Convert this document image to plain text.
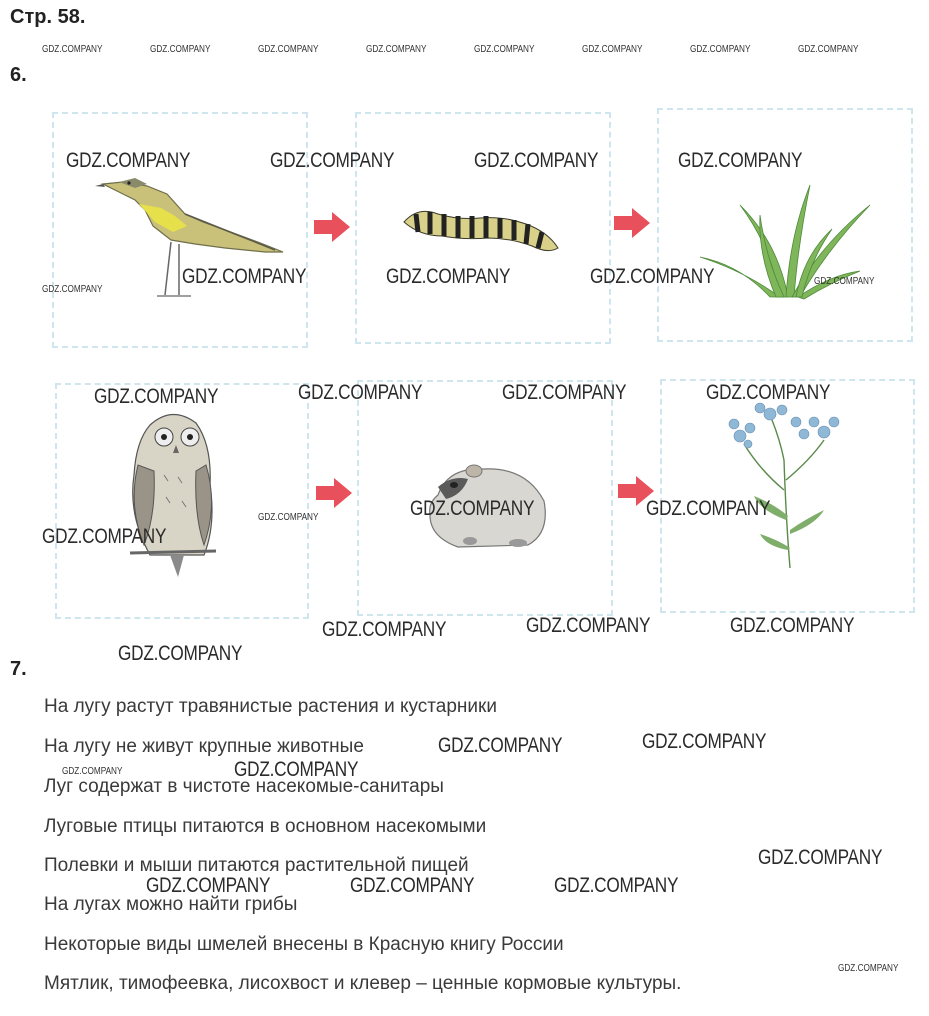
Стр. 58.
GDZ.COMPANY	GDZ.COMPANY	GDZ.COMPANY	GDZ.COMPANY	GDZ.COMPANY	GDZ.COMPANY	GDZ.COMPANY	GDZ.COMPANY
6.
GDZ.COMPANY	GDZ.COMPANY	GDZ.COMPANY	GDZ.COMPANY
GDZ.COMPANY	GDZ.COMPANY	GDZ.COMPANY
GDZ.COMPANY
GDZ.COMPANY
GDZ.COMPANY	GDZ.COMPANY	GDZ.COMPANY	GDZ.COMPANY
GDZ.COMPANY	GDZ.COMPANY
GDZ.COMPANY
GDZ.COMPANY
GDZ.COMPANY	GDZ.COMPANY	GDZ.COMPANY
GDZ.COMPANY
7.
На лугу растут травянистые растения и кустарники
На лугу не живут крупные животные
Луг содержат в чистоте насекомые-санитары
Луговые птицы питаются в основном насекомыми
Полевки и мыши питаются растительной пищей
На лугах можно найти грибы
Некоторые виды шмелей внесены в Красную книгу России
Мятлик, тимофеевка, лисохвост и клевер – ценные кормовые культуры.
GDZ.COMPANY	GDZ.COMPANY
GDZ.COMPANY	GDZ.COMPANY
GDZ.COMPANY
GDZ.COMPANY	GDZ.COMPANY	GDZ.COMPANY
GDZ.COMPANY
